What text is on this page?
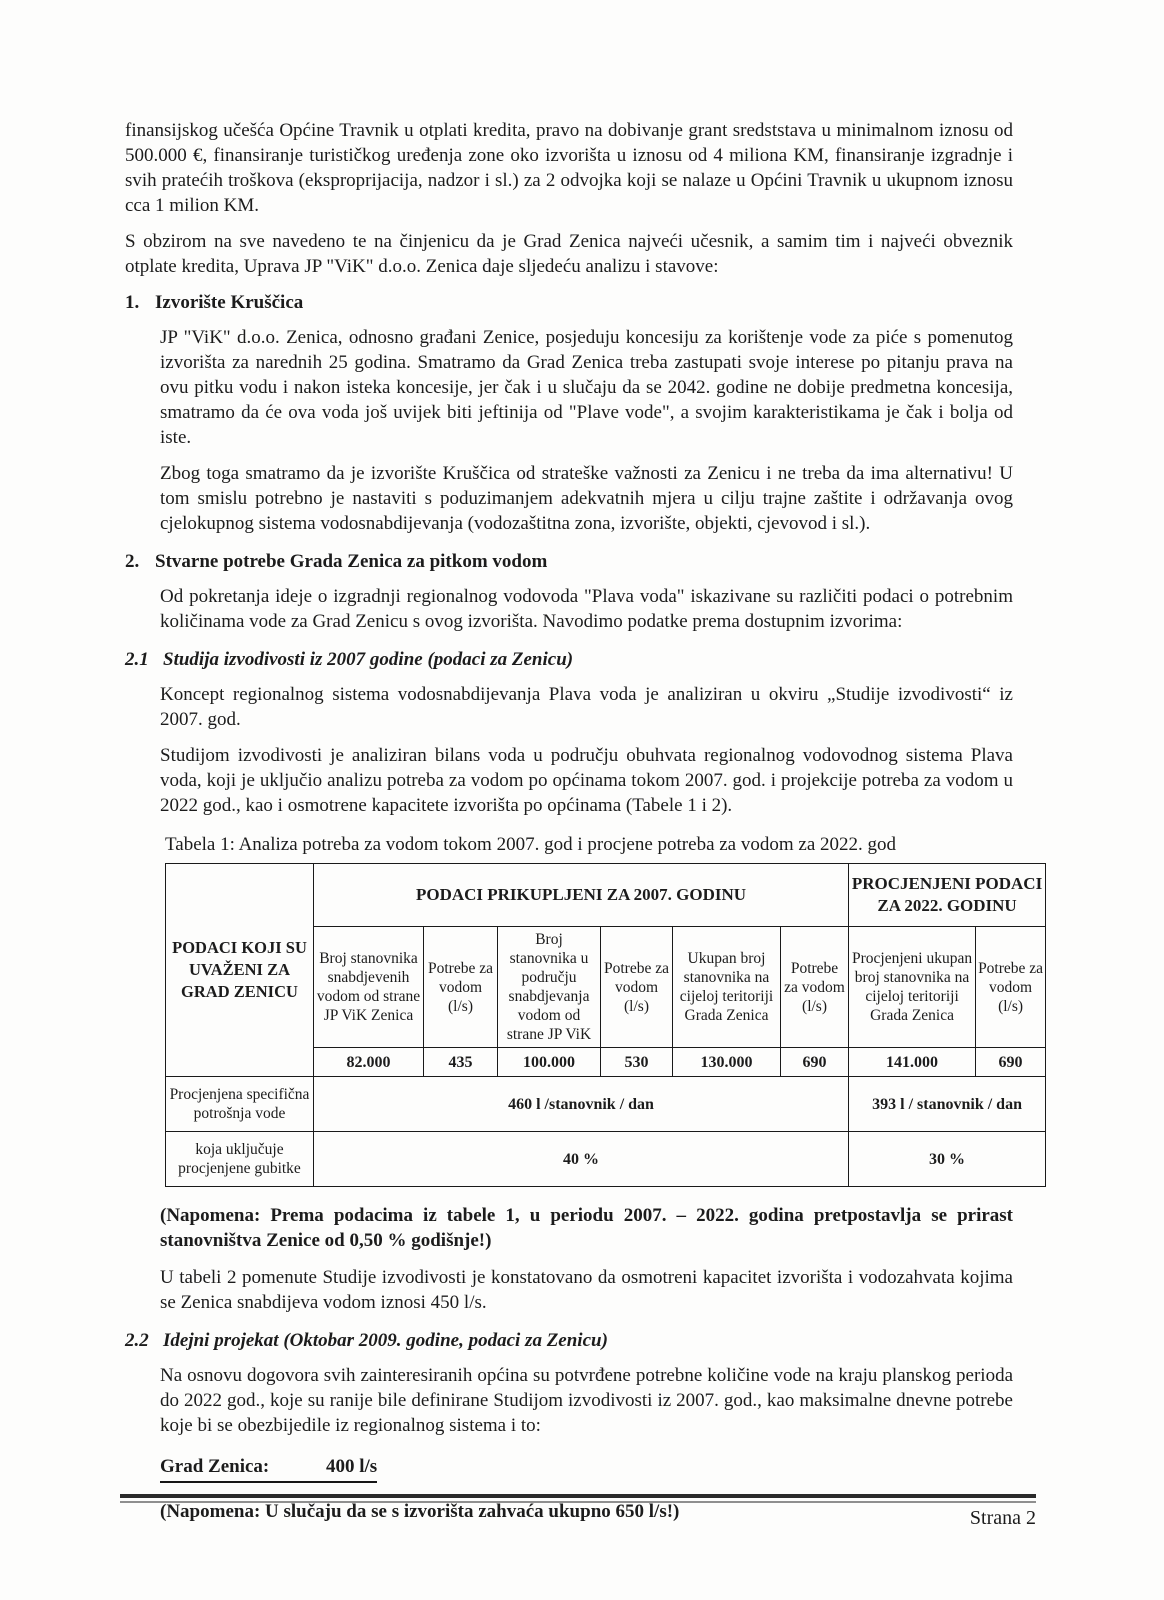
finansijskog učešća Općine Travnik u otplati kredita, pravo na dobivanje grant sredststava u minimalnom iznosu od 500.000 €, finansiranje turističkog uređenja zone oko izvorišta u iznosu od 4 miliona KM, finansiranje izgradnje i svih pratećih troškova (eksproprijacija, nadzor i sl.) za 2 odvojka koji se nalaze u Općini Travnik u ukupnom iznosu cca 1 milion KM.

S obzirom na sve navedeno te na činjenicu da je Grad Zenica najveći učesnik, a samim tim i najveći obveznik otplate kredita, Uprava JP "ViK" d.o.o. Zenica daje sljedeću analizu i stavove:

1. Izvorište Kruščica

JP "ViK" d.o.o. Zenica, odnosno građani Zenice, posjeduju koncesiju za korištenje vode za piće s pomenutog izvorišta za narednih 25 godina. Smatramo da Grad Zenica treba zastupati svoje interese po pitanju prava na ovu pitku vodu i nakon isteka koncesije, jer čak i u slučaju da se 2042. godine ne dobije predmetna koncesija, smatramo da će ova voda još uvijek biti jeftinija od "Plave vode", a svojim karakteristikama je čak i bolja od iste.

Zbog toga smatramo da je izvorište Kruščica od strateške važnosti za Zenicu i ne treba da ima alternativu! U tom smislu potrebno je nastaviti s poduzimanjem adekvatnih mjera u cilju trajne zaštite i održavanja ovog cjelokupnog sistema vodosnabdijevanja (vodozaštitna zona, izvorište, objekti, cjevovod i sl.).

2. Stvarne potrebe Grada Zenica za pitkom vodom

Od pokretanja ideje o izgradnji regionalnog vodovoda "Plava voda" iskazivane su različiti podaci o potrebnim količinama vode za Grad Zenicu s ovog izvorišta. Navodimo podatke prema dostupnim izvorima:

2.1 Studija izvodivosti iz 2007 godine (podaci za Zenicu)

Koncept regionalnog sistema vodosnabdijevanja Plava voda je analiziran u okviru „Studije izvodivosti“ iz 2007. god.

Studijom izvodivosti je analiziran bilans voda u području obuhvata regionalnog vodovodnog sistema Plava voda, koji je uključio analizu potreba za vodom po općinama tokom 2007. god. i projekcije potreba za vodom u 2022 god., kao i osmotrene kapacitete izvorišta po općinama (Tabele 1 i 2).

Tabela 1: Analiza potreba za vodom tokom 2007. god i procjene potreba za vodom za 2022. god
PODACI KOJI SU UVAŽENI ZA GRAD ZENICU	PODACI PRIKUPLJENI ZA 2007. GODINU						PROCJENJENI PODACI ZA 2022. GODINU	
	Broj stanovnika snabdjevenih vodom od strane JP ViK Zenica	Potrebe za vodom (l/s)	Broj stanovnika u području snabdjevanja vodom od strane JP ViK	Potrebe za vodom (l/s)	Ukupan broj stanovnika na cijeloj teritoriji Grada Zenica	Potrebe za vodom (l/s)	Procjenjeni ukupan broj stanovnika na cijeloj teritoriji Grada Zenica	Potrebe za vodom (l/s)
	82.000	435	100.000	530	130.000	690	141.000	690
Procjenjena specifična potrošnja vode	460 l /stanovnik / dan						393 l / stanovnik / dan	
koja uključuje procjenjene gubitke	40 %						30 %	
(Napomena: Prema podacima iz tabele 1, u periodu 2007. – 2022. godina pretpostavlja se prirast stanovništva Zenice od 0,50 % godišnje!)

U tabeli 2 pomenute Studije izvodivosti je konstatovano da osmotreni kapacitet izvorišta i vodozahvata kojima se Zenica snabdijeva vodom iznosi 450 l/s.

2.2 Idejni projekat (Oktobar 2009. godine, podaci za Zenicu)

Na osnovu dogovora svih zainteresiranih općina su potvrđene potrebne količine vode na kraju planskog perioda do 2022 god., koje su ranije bile definirane Studijom izvodivosti iz 2007. god., kao maksimalne dnevne potrebe koje bi se obezbijedile iz regionalnog sistema i to:

Grad Zenica:	400 l/s
(Napomena: U slučaju da se s izvorišta zahvaća ukupno 650 l/s!)	Strana 2
